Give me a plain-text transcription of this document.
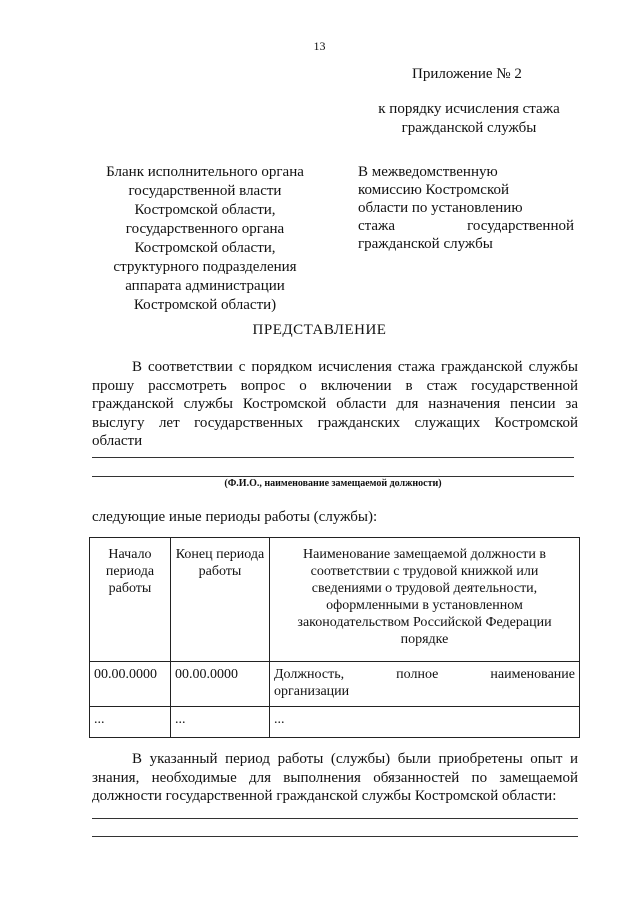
13
Приложение № 2
к порядку исчисления стажа
гражданской службы
Бланк исполнительного органа
государственной власти
Костромской области,
государственного органа
Костромской области,
структурного подразделения
аппарата администрации
Костромской области)
В межведомственную
комиссию Костромской
области по установлению
стажа государственной
гражданской службы
ПРЕДСТАВЛЕНИЕ
В соответствии с порядком исчисления стажа гражданской службы прошу рассмотреть вопрос о включении в стаж государственной гражданской службы Костромской области для назначения пенсии за выслугу лет государственных гражданских служащих Костромской области
(Ф.И.О., наименование замещаемой должности)
следующие иные периоды работы (службы):
Начало периода работы	Конец периода работы	Наименование замещаемой должности в соответствии с трудовой книжкой или сведениями о трудовой деятельности, оформленными в установленном законодательством Российской Федерации порядке
00.00.0000	00.00.0000	Должность, полное наименование
организации

...	...	...
В указанный период работы (службы) были приобретены опыт и знания, необходимые для выполнения обязанностей по замещаемой должности государственной гражданской службы Костромской области:
